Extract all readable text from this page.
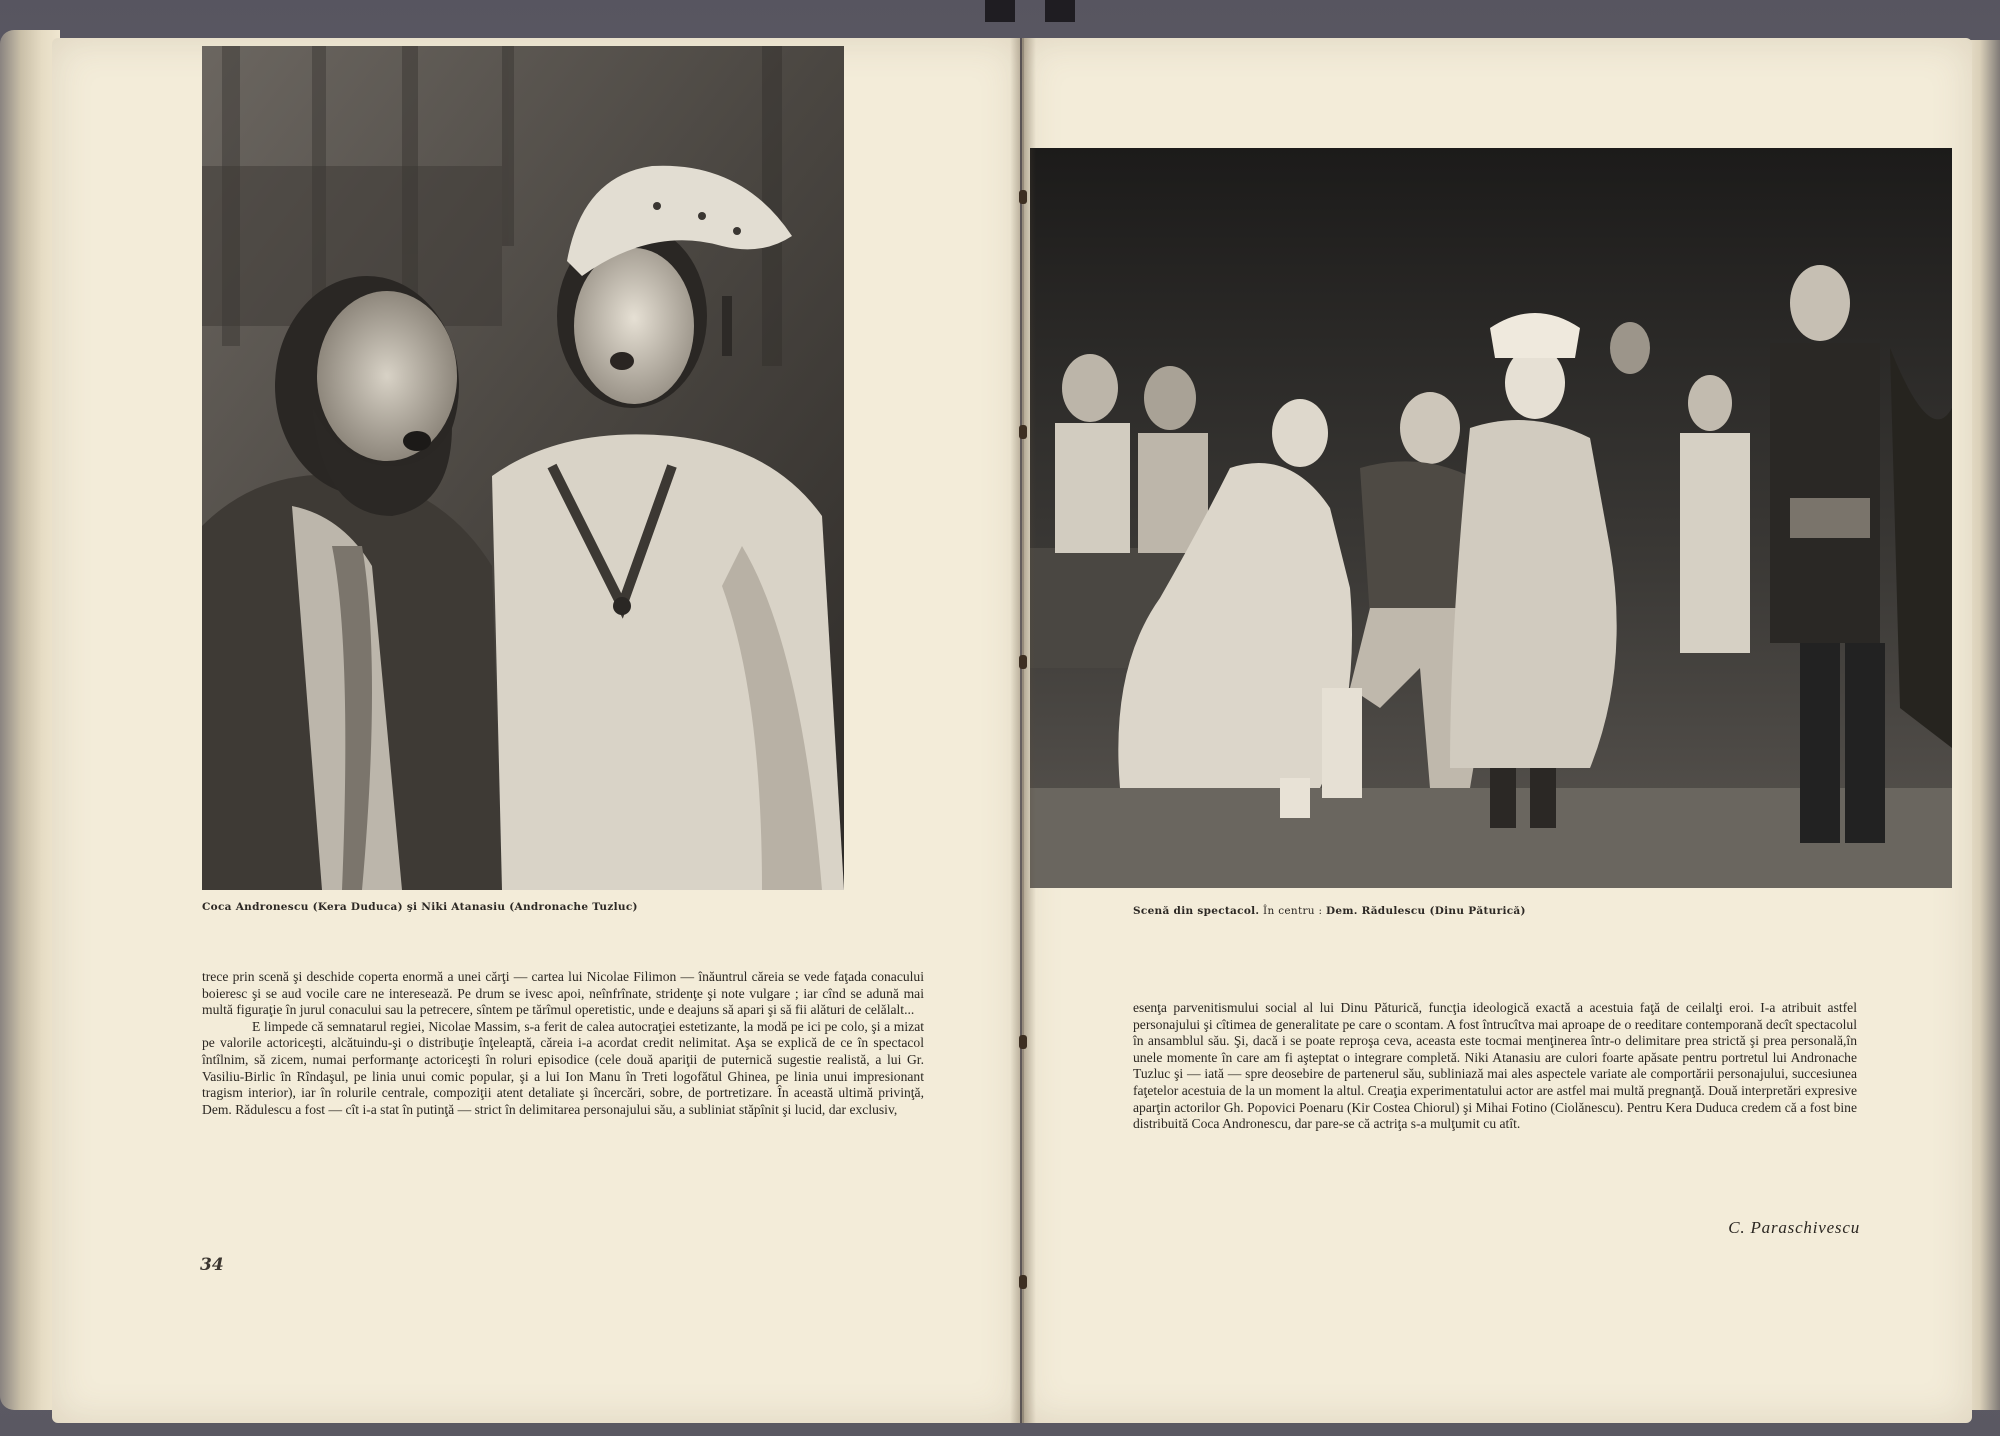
Coca Andronescu (Kera Duduca) şi Niki Atanasiu (Andronache Tuzluc)

trece prin scenă şi deschide coperta enormă a unei cărţi — cartea lui Nicolae Filimon — înăuntrul căreia se vede faţada conacului boieresc şi se aud vocile care ne interesează. Pe drum se ivesc apoi, neînfrînate, stridenţe şi note vulgare ; iar cînd se adună mai multă figuraţie în jurul conacului sau la petrecere, sîntem pe tărîmul operetistic, unde e deajuns să apari şi să fii alături de celălalt...

E limpede că semnatarul regiei, Nicolae Massim, s-a ferit de calea autocraţiei estetizante, la modă pe ici pe colo, şi a mizat pe valorile actoriceşti, alcătuindu-şi o distribuţie înţeleaptă, căreia i-a acordat credit nelimitat. Aşa se explică de ce în spectacol întîlnim, să zicem, numai performanţe actoriceşti în roluri episodice (cele două apariţii de puternică sugestie realistă, a lui Gr. Vasiliu-Birlic în Rîndaşul, pe linia unui comic popular, şi a lui Ion Manu în Treti logofătul Ghinea, pe linia unui impresionant tragism interior), iar în rolurile centrale, compoziţii atent detaliate şi încercări, sobre, de portretizare. În această ultimă privinţă, Dem. Rădulescu a fost — cît i-a stat în putinţă — strict în delimitarea personajului său, a subliniat stăpînit şi lucid, dar exclusiv,

34
Scenă din spectacol. În centru : Dem. Rădulescu (Dinu Păturică)

esenţa parvenitismului social al lui Dinu Păturică, funcţia ideologică exactă a acestuia faţă de ceilalţi eroi. I-a atribuit astfel personajului şi cîtimea de generalitate pe care o scontam. A fost întrucîtva mai aproape de o reeditare contemporană decît spectacolul în ansamblul său. Şi, dacă i se poate reproşa ceva, aceasta este tocmai menţinerea într-o delimitare prea strictă şi prea personală,în unele momente în care am fi aşteptat o integrare completă. Niki Atanasiu are culori foarte apăsate pentru portretul lui Andronache Tuzluc şi — iată — spre deosebire de partenerul său, subliniază mai ales aspectele variate ale comportării personajului, succesiunea faţetelor acestuia de la un moment la altul. Creaţia experimentatului actor are astfel mai multă pregnanţă. Două interpretări expresive aparţin actorilor Gh. Popovici Poenaru (Kir Costea Chiorul) şi Mihai Fotino (Ciolănescu). Pentru Kera Duduca credem că a fost bine distribuită Coca Andronescu, dar pare-se că actriţa s-a mulţumit cu atît.

C. Paraschivescu
